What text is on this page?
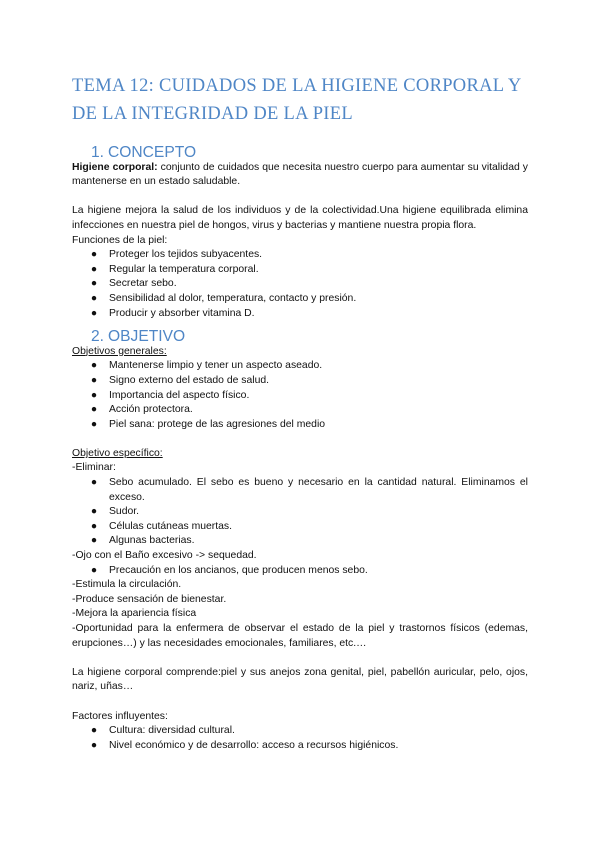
TEMA 12: CUIDADOS DE LA HIGIENE CORPORAL Y DE LA INTEGRIDAD DE LA PIEL
1. CONCEPTO

Higiene corporal: conjunto de cuidados que necesita nuestro cuerpo para aumentar su vitalidad y mantenerse en un estado saludable.

La higiene mejora la salud de los individuos y de la colectividad.Una higiene equilibrada elimina infecciones en nuestra piel de hongos, virus y bacterias y mantiene nuestra propia flora.

Funciones de la piel:

● Proteger los tejidos subyacentes.
● Regular la temperatura corporal.
● Secretar sebo.
● Sensibilidad al dolor, temperatura, contacto y presión.
● Producir y absorber vitamina D.
2. OBJETIVO

Objetivos generales:

● Mantenerse limpio y tener un aspecto aseado.
● Signo externo del estado de salud.
● Importancia del aspecto físico.
● Acción protectora.
● Piel sana: protege de las agresiones del medio

Objetivo específico:

-Eliminar:

● Sebo acumulado. El sebo es bueno y necesario en la cantidad natural. Eliminamos el exceso.
● Sudor.
● Células cutáneas muertas.
● Algunas bacterias.

-Ojo con el Baño excesivo -> sequedad.

● Precaución en los ancianos, que producen menos sebo.

-Estimula la circulación.

-Produce sensación de bienestar.

-Mejora la apariencia física

-Oportunidad para la enfermera de observar el estado de la piel y trastornos físicos (edemas, erupciones…) y las necesidades emocionales, familiares, etc.…

La higiene corporal comprende:piel y sus anejos zona genital, piel, pabellón auricular, pelo, ojos, nariz, uñas…

Factores influyentes:

● Cultura: diversidad cultural.
● Nivel económico y de desarrollo: acceso a recursos higiénicos.
